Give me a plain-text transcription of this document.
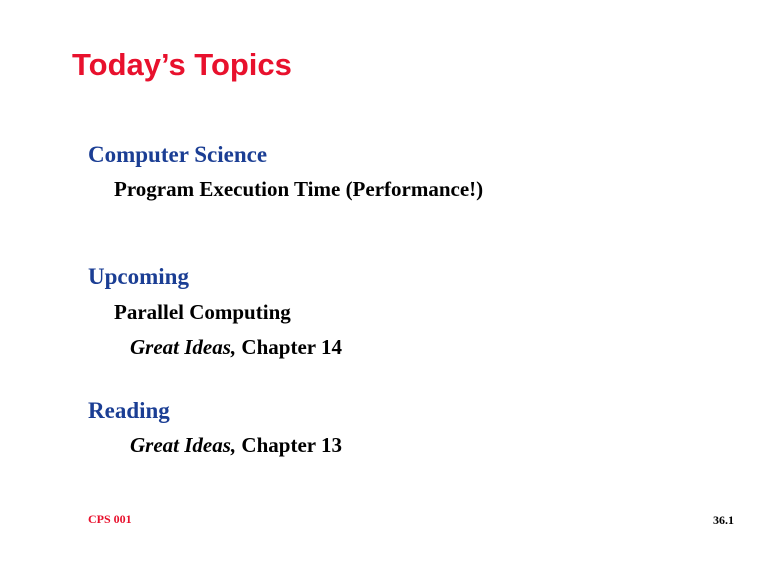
Today’s Topics
Computer Science
Program Execution Time (Performance!)
Upcoming
Parallel Computing
Great Ideas, Chapter 14
Reading
Great Ideas, Chapter 13
CPS 001	36.1
